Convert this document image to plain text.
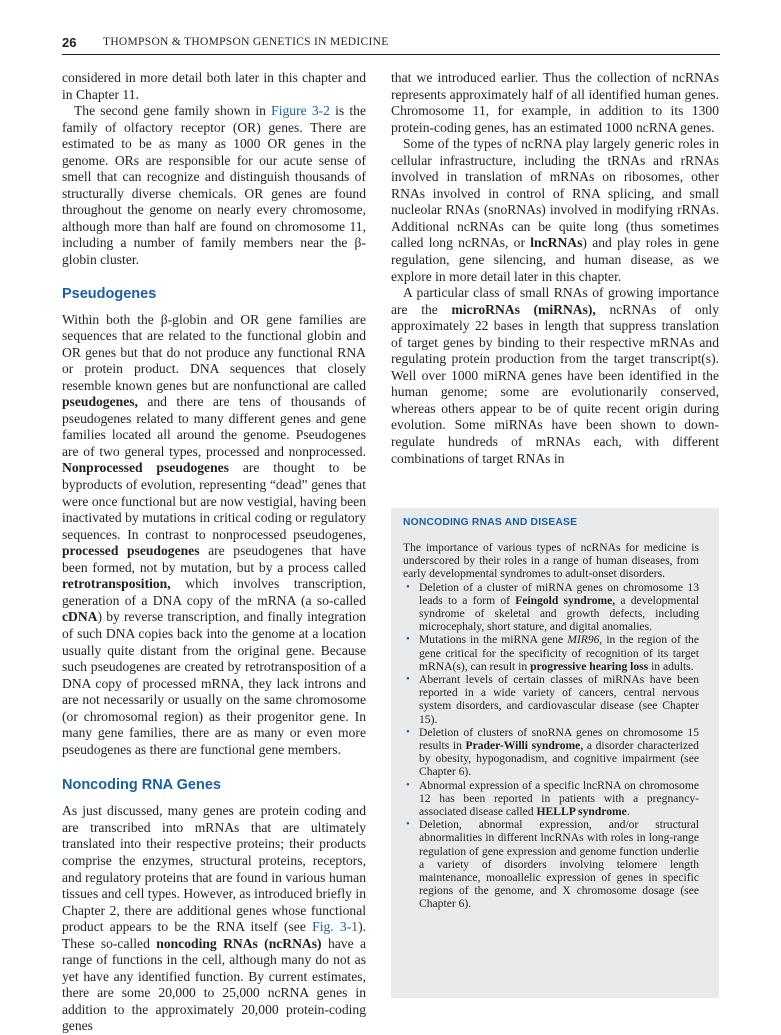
26 THOMPSON & THOMPSON GENETICS IN MEDICINE

considered in more detail both later in this chapter and in Chapter 11.

The second gene family shown in Figure 3-2 is the family of olfactory receptor (OR) genes. There are estimated to be as many as 1000 OR genes in the genome. ORs are responsible for our acute sense of smell that can recognize and distinguish thousands of structurally diverse chemicals. OR genes are found throughout the genome on nearly every chromosome, although more than half are found on chromosome 11, including a number of family members near the β-globin cluster.

Pseudogenes

Within both the β-globin and OR gene families are sequences that are related to the functional globin and OR genes but that do not produce any functional RNA or protein product. DNA sequences that closely resemble known genes but are nonfunctional are called pseudogenes, and there are tens of thousands of pseudogenes related to many different genes and gene families located all around the genome. Pseudogenes are of two general types, processed and nonprocessed. Nonprocessed pseudogenes are thought to be byproducts of evolution, representing “dead” genes that were once functional but are now vestigial, having been inactivated by mutations in critical coding or regulatory sequences. In contrast to nonprocessed pseudogenes, processed pseudogenes are pseudogenes that have been formed, not by mutation, but by a process called retrotransposition, which involves transcription, generation of a DNA copy of the mRNA (a so-called cDNA) by reverse transcription, and finally integration of such DNA copies back into the genome at a location usually quite distant from the original gene. Because such pseudogenes are created by retrotransposition of a DNA copy of processed mRNA, they lack introns and are not necessarily or usually on the same chromosome (or chromosomal region) as their progenitor gene. In many gene families, there are as many or even more pseudogenes as there are functional gene members.

Noncoding RNA Genes

As just discussed, many genes are protein coding and are transcribed into mRNAs that are ultimately translated into their respective proteins; their products comprise the enzymes, structural proteins, receptors, and regulatory proteins that are found in various human tissues and cell types. However, as introduced briefly in Chapter 2, there are additional genes whose functional product appears to be the RNA itself (see Fig. 3-1). These so-called noncoding RNAs (ncRNAs) have a range of functions in the cell, although many do not as yet have any identified function. By current estimates, there are some 20,000 to 25,000 ncRNA genes in addition to the approximately 20,000 protein-coding genes

that we introduced earlier. Thus the collection of ncRNAs represents approximately half of all identified human genes. Chromosome 11, for example, in addition to its 1300 protein-coding genes, has an estimated 1000 ncRNA genes.

Some of the types of ncRNA play largely generic roles in cellular infrastructure, including the tRNAs and rRNAs involved in translation of mRNAs on ribosomes, other RNAs involved in control of RNA splicing, and small nucleolar RNAs (snoRNAs) involved in modifying rRNAs. Additional ncRNAs can be quite long (thus sometimes called long ncRNAs, or lncRNAs) and play roles in gene regulation, gene silencing, and human disease, as we explore in more detail later in this chapter.

A particular class of small RNAs of growing importance are the microRNAs (miRNAs), ncRNAs of only approximately 22 bases in length that suppress translation of target genes by binding to their respective mRNAs and regulating protein production from the target transcript(s). Well over 1000 miRNA genes have been identified in the human genome; some are evolutionarily conserved, whereas others appear to be of quite recent origin during evolution. Some miRNAs have been shown to down-regulate hundreds of mRNAs each, with different combinations of target RNAs in

NONCODING RNAS AND DISEASE

The importance of various types of ncRNAs for medicine is underscored by their roles in a range of human diseases, from early developmental syndromes to adult-onset disorders.

• Deletion of a cluster of miRNA genes on chromosome 13 leads to a form of Feingold syndrome, a developmental syndrome of skeletal and growth defects, including microcephaly, short stature, and digital anomalies.
• Mutations in the miRNA gene MIR96, in the region of the gene critical for the specificity of recognition of its target mRNA(s), can result in progressive hearing loss in adults.
• Aberrant levels of certain classes of miRNAs have been reported in a wide variety of cancers, central nervous system disorders, and cardiovascular disease (see Chapter 15).
• Deletion of clusters of snoRNA genes on chromosome 15 results in Prader-Willi syndrome, a disorder characterized by obesity, hypogonadism, and cognitive impairment (see Chapter 6).
• Abnormal expression of a specific lncRNA on chromosome 12 has been reported in patients with a pregnancy-associated disease called HELLP syndrome.
• Deletion, abnormal expression, and/or structural abnormalities in different lncRNAs with roles in long-range regulation of gene expression and genome function underlie a variety of disorders involving telomere length maintenance, monoallelic expression of genes in specific regions of the genome, and X chromosome dosage (see Chapter 6).
